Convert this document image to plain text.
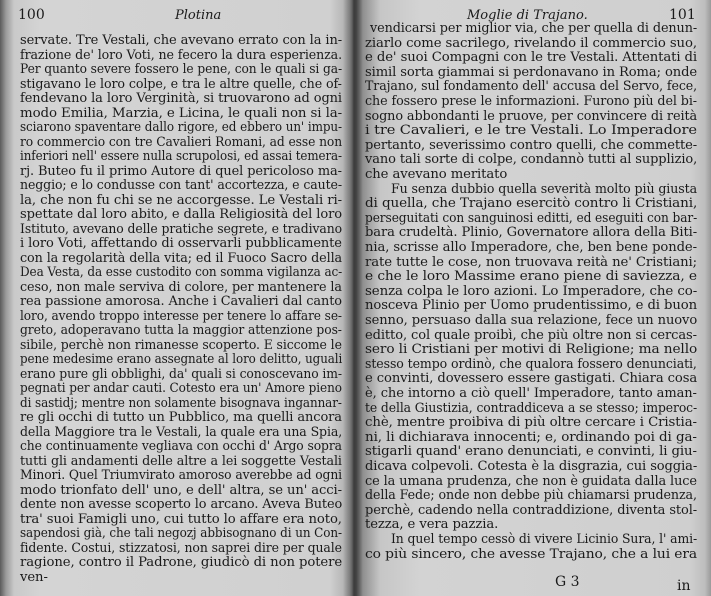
100	Plotina
servate. Tre Vestali, che avevano errato con la in-
frazione de' loro Voti, ne fecero la dura esperienza.
Per quanto severe fossero le pene, con le quali si ga-
stigavano le loro colpe, e tra le altre quelle, che of-
fendevano la loro Verginità, si truovarono ad ogni
modo Emilia, Marzia, e Licina, le quali non si la-
sciarono spaventare dallo rigore, ed ebbero un' impu-
ro commercio con tre Cavalieri Romani, ad esse non
inferiori nell' essere nulla scrupolosi, ed assai temera-
rj. Buteo fu il primo Autore di quel pericoloso ma-
neggio; e lo condusse con tant' accortezza, e caute-
la, che non fu chi se ne accorgesse. Le Vestali ri-
spettate dal loro abito, e dalla Religiosità del loro
Istituto, avevano delle pratiche segrete, e tradivano
i loro Voti, affettando di osservarli pubblicamente
con la regolarità della vita; ed il Fuoco Sacro della
Dea Vesta, da esse custodito con somma vigilanza ac-
ceso, non male serviva di colore, per mantenere la
rea passione amorosa. Anche i Cavalieri dal canto
loro, avendo troppo interesse per tenere lo affare se-
greto, adoperavano tutta la maggior attenzione pos-
sibile, perchè non rimanesse scoperto. E siccome le
pene medesime erano assegnate al loro delitto, uguali
erano pure gli obblighi, da' quali si conoscevano im-
pegnati per andar cauti. Cotesto era un' Amore pieno
di sastidj; mentre non solamente bisognava ingannar-
re gli occhi di tutto un Pubblico, ma quelli ancora
della Maggiore tra le Vestali, la quale era una Spia,
che continuamente vegliava con occhi d' Argo sopra
tutti gli andamenti delle altre a lei soggette Vestali
Minori. Quel Triumvirato amoroso averebbe ad ogni
modo trionfato dell' uno, e dell' altra, se un' acci-
dente non avesse scoperto lo arcano. Aveva Buteo
tra' suoi Famigli uno, cui tutto lo affare era noto,
sapendosi già, che tali negozj abbisognano di un Con-
fidente. Costui, stizzatosi, non saprei dire per quale
ragione, contro il Padrone, giudicò di non potere
ven-
Moglie di Trajano.	101
vendicarsi per miglior via, che per quella di denun-
ziarlo come sacrilego, rivelando il commercio suo,
e de' suoi Compagni con le tre Vestali. Attentati di
simil sorta giammai si perdonavano in Roma; onde
Trajano, sul fondamento dell' accusa del Servo, fece,
che fossero prese le informazioni. Furono più del bi-
sogno abbondanti le pruove, per convincere di reità
i tre Cavalieri, e le tre Vestali. Lo Imperadore
pertanto, severissimo contro quelli, che commette-
vano tali sorte di colpe, condannò tutti al supplizio,
che avevano meritato
Fu senza dubbio quella severità molto più giusta
di quella, che Trajano esercitò contro li Cristiani,
perseguitati con sanguinosi editti, ed eseguiti con bar-
bara crudeltà. Plinio, Governatore allora della Biti-
nia, scrisse allo Imperadore, che, ben bene ponde-
rate tutte le cose, non truovava reità ne' Cristiani;
e che le loro Massime erano piene di saviezza, e
senza colpa le loro azioni. Lo Imperadore, che co-
nosceva Plinio per Uomo prudentissimo, e di buon
senno, persuaso dalla sua relazione, fece un nuovo
editto, col quale proibì, che più oltre non si cercas-
sero li Cristiani per motivi di Religione; ma nello
stesso tempo ordinò, che qualora fossero denunciati,
e convinti, dovessero essere gastigati. Chiara cosa
è, che intorno a ciò quell' Imperadore, tanto aman-
te della Giustizia, contraddiceva a se stesso; imperoc-
chè, mentre proibiva di più oltre cercare i Cristia-
ni, li dichiarava innocenti; e, ordinando poi di ga-
stigarli quand' erano denunciati, e convinti, li giu-
dicava colpevoli. Cotesta è la disgrazia, cui soggia-
ce la umana prudenza, che non è guidata dalla luce
della Fede; onde non debbe più chiamarsi prudenza,
perchè, cadendo nella contraddizione, diventa stol-
tezza, e vera pazzia.
In quel tempo cessò di vivere Licinio Sura, l' ami-
co più sincero, che avesse Trajano, che a lui era
G 3	in
